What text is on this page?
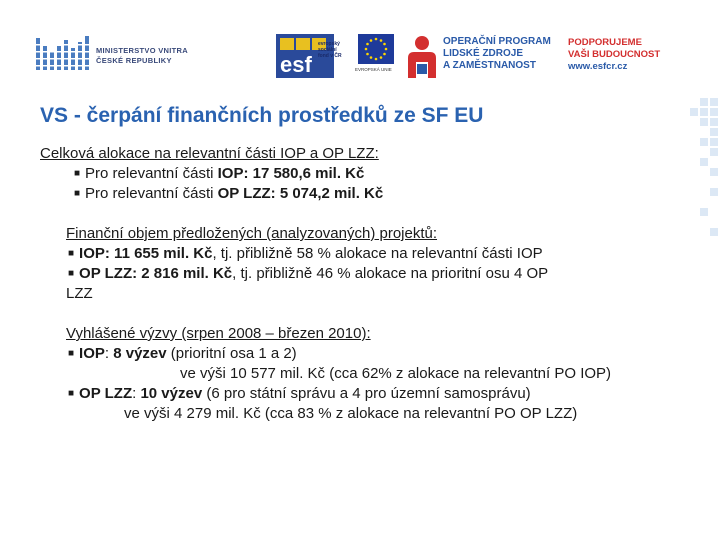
MINISTERSTVO VNITRA
ČESKÉ REPUBLIKY	esf
evropský
sociální
fond v ČR
EVROPSKÁ UNIE
OPERAČNÍ PROGRAM
LIDSKÉ ZDROJE
A ZAMĚSTNANOST
PODPORUJEME
VAŠI BUDOUCNOST
www.esfcr.cz
VS - čerpání finančních prostředků ze SF EU
Celková alokace na relevantní části IOP a OP LZZ:
■ Pro relevantní části IOP: 17 580,6 mil. Kč
■ Pro relevantní části OP LZZ: 5 074,2 mil. Kč
Finanční objem předložených (analyzovaných) projektů:
■ IOP: 11 655 mil. Kč, tj. přibližně 58 % alokace na relevantní části IOP
■ OP LZZ: 2 816 mil. Kč, tj. přibližně 46 % alokace na prioritní osu 4 OP
LZZ
Vyhlášené výzvy (srpen 2008 – březen 2010):
■ IOP: 8 výzev (prioritní osa 1 a 2)
ve výši 10 577 mil. Kč (cca 62% z alokace na relevantní PO IOP)
■ OP LZZ: 10 výzev (6 pro státní správu a 4 pro územní samosprávu)
ve výši 4 279 mil. Kč (cca 83 % z alokace na relevantní PO OP LZZ)
